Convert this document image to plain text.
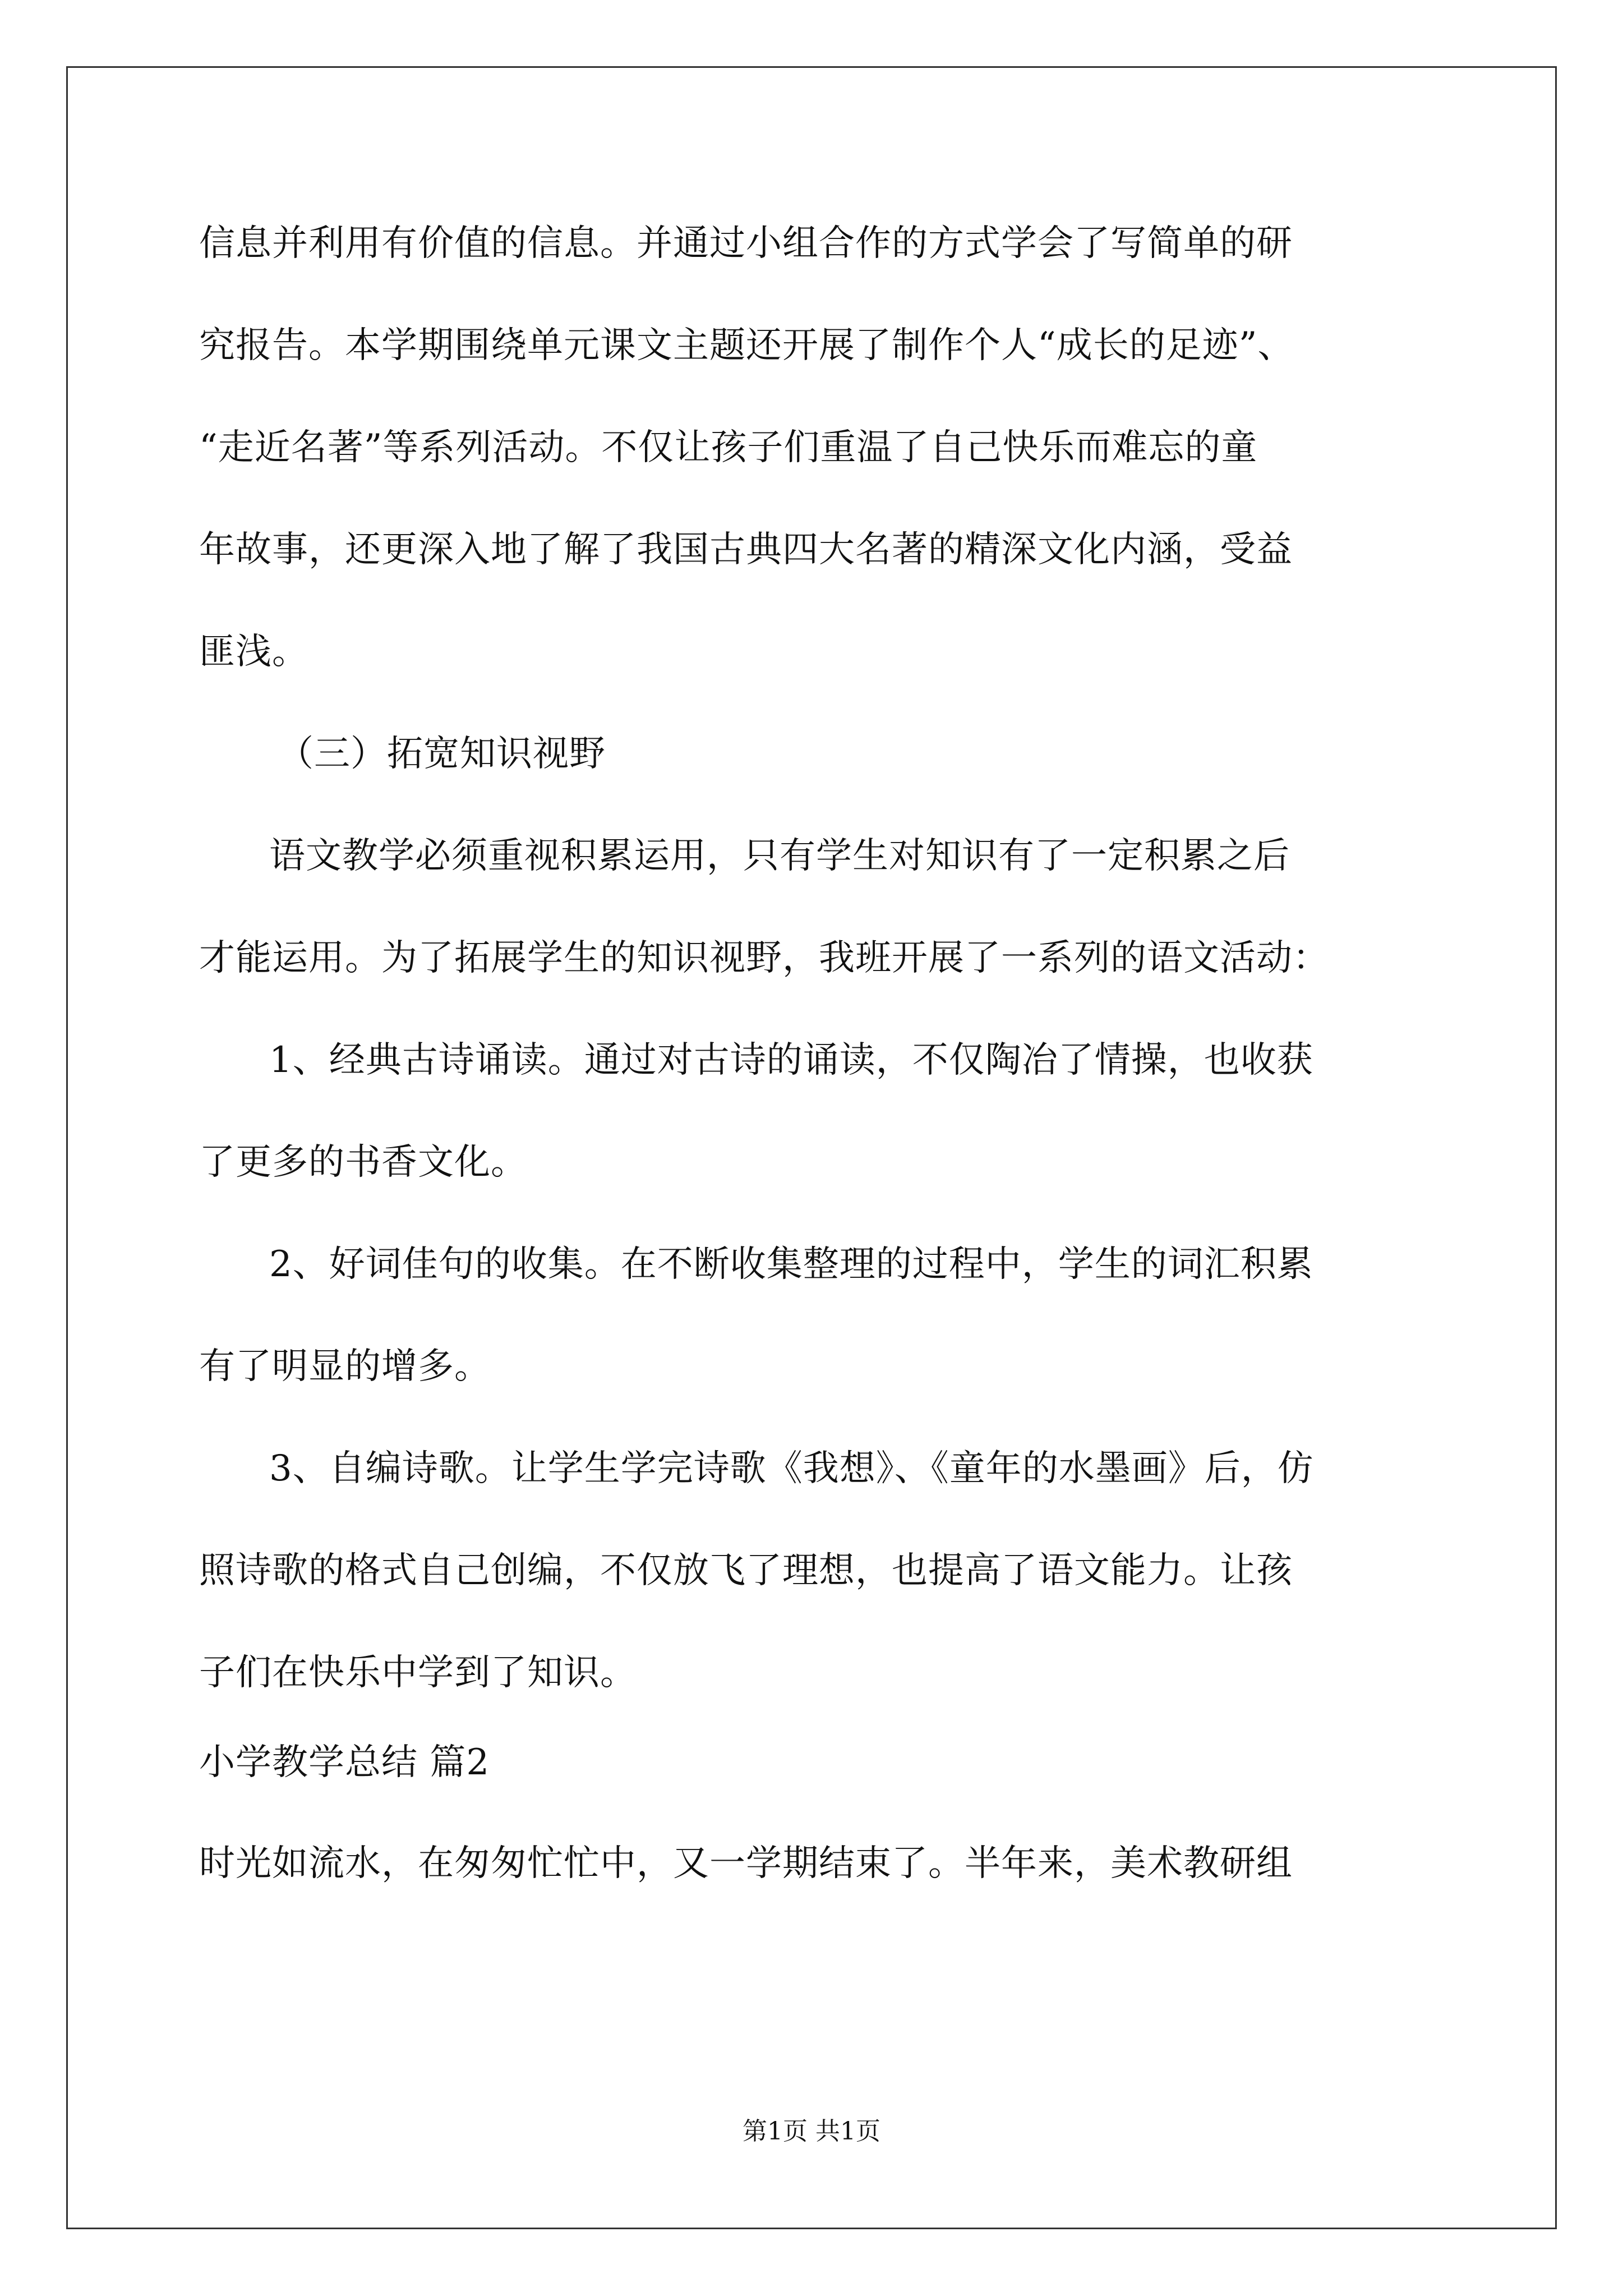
信息并利用有价值的信息。并通过小组合作的方式学会了写简单的研
究报告。本学期围绕单元课文主题还开展了制作个人“成长的足迹”、
“走近名著”等系列活动。不仅让孩子们重温了自己快乐而难忘的童
年故事，还更深入地了解了我国古典四大名著的精深文化内涵，受益
匪浅。
（三）拓宽知识视野
语文教学必须重视积累运用，只有学生对知识有了一定积累之后
才能运用。为了拓展学生的知识视野，我班开展了一系列的语文活动：
1、经典古诗诵读。通过对古诗的诵读，不仅陶冶了情操，也收获
了更多的书香文化。
2、好词佳句的收集。在不断收集整理的过程中，学生的词汇积累
有了明显的增多。
3、自编诗歌。让学生学完诗歌《我想》、《童年的水墨画》后，仿
照诗歌的格式自己创编，不仅放飞了理想，也提高了语文能力。让孩
子们在快乐中学到了知识。
小学教学总结 篇2
时光如流水，在匆匆忙忙中，又一学期结束了。半年来，美术教研组
第1页 共1页
